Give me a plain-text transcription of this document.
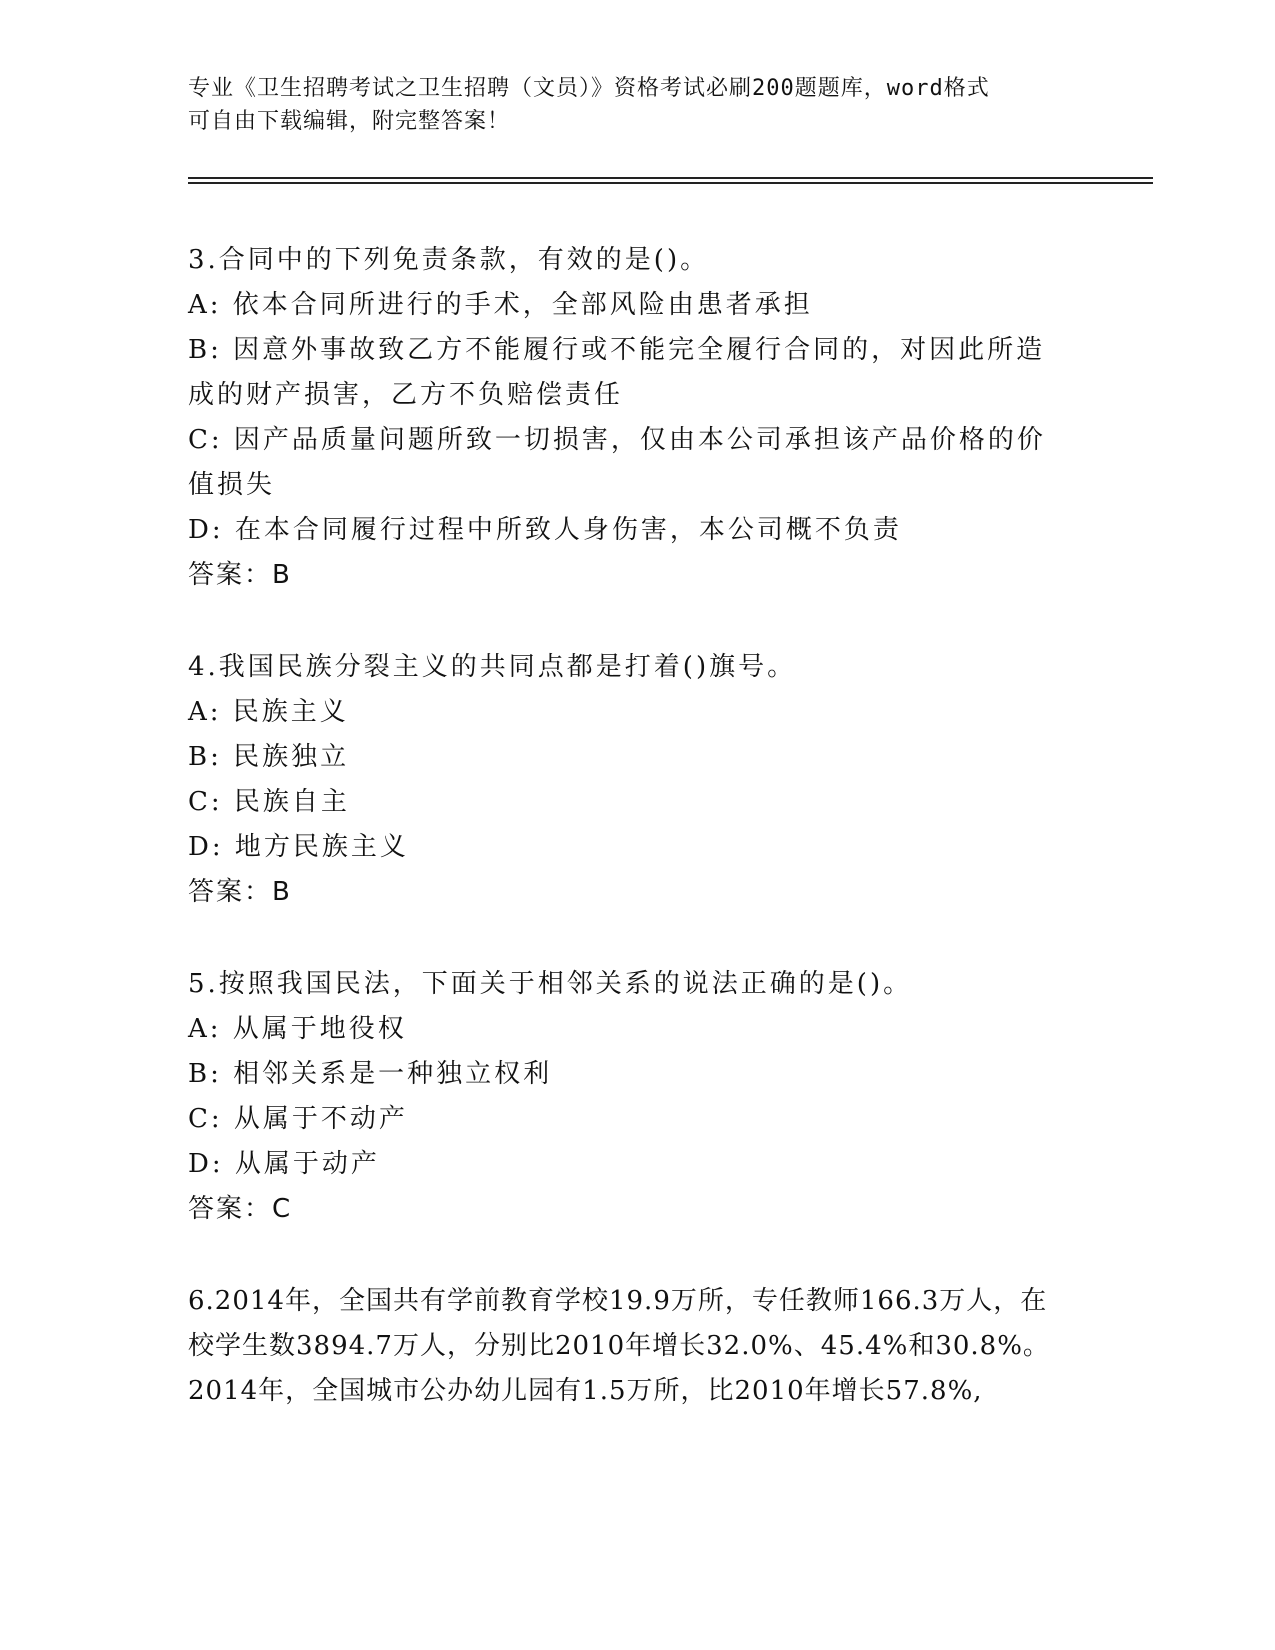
专业《卫生招聘考试之卫生招聘（文员）》资格考试必刷200题题库，word格式
可自由下载编辑，附完整答案！

3.合同中的下列免责条款，有效的是()。

A: 依本合同所进行的手术，全部风险由患者承担

B: 因意外事故致乙方不能履行或不能完全履行合同的，对因此所造成的财产损害，乙方不负赔偿责任

C: 因产品质量问题所致一切损害，仅由本公司承担该产品价格的价值损失

D: 在本合同履行过程中所致人身伤害，本公司概不负责

答案：B

4.我国民族分裂主义的共同点都是打着()旗号。

A: 民族主义

B: 民族独立

C: 民族自主

D: 地方民族主义

答案：B

5.按照我国民法，下面关于相邻关系的说法正确的是()。

A: 从属于地役权

B: 相邻关系是一种独立权利

C: 从属于不动产

D: 从属于动产

答案：C

6.2014年，全国共有学前教育学校19.9万所，专任教师166.3万人，在校学生数3894.7万人，分别比2010年增长32.0%、45.4%和30.8%。2014年，全国城市公办幼儿园有1.5万所，比2010年增长57.8%,
